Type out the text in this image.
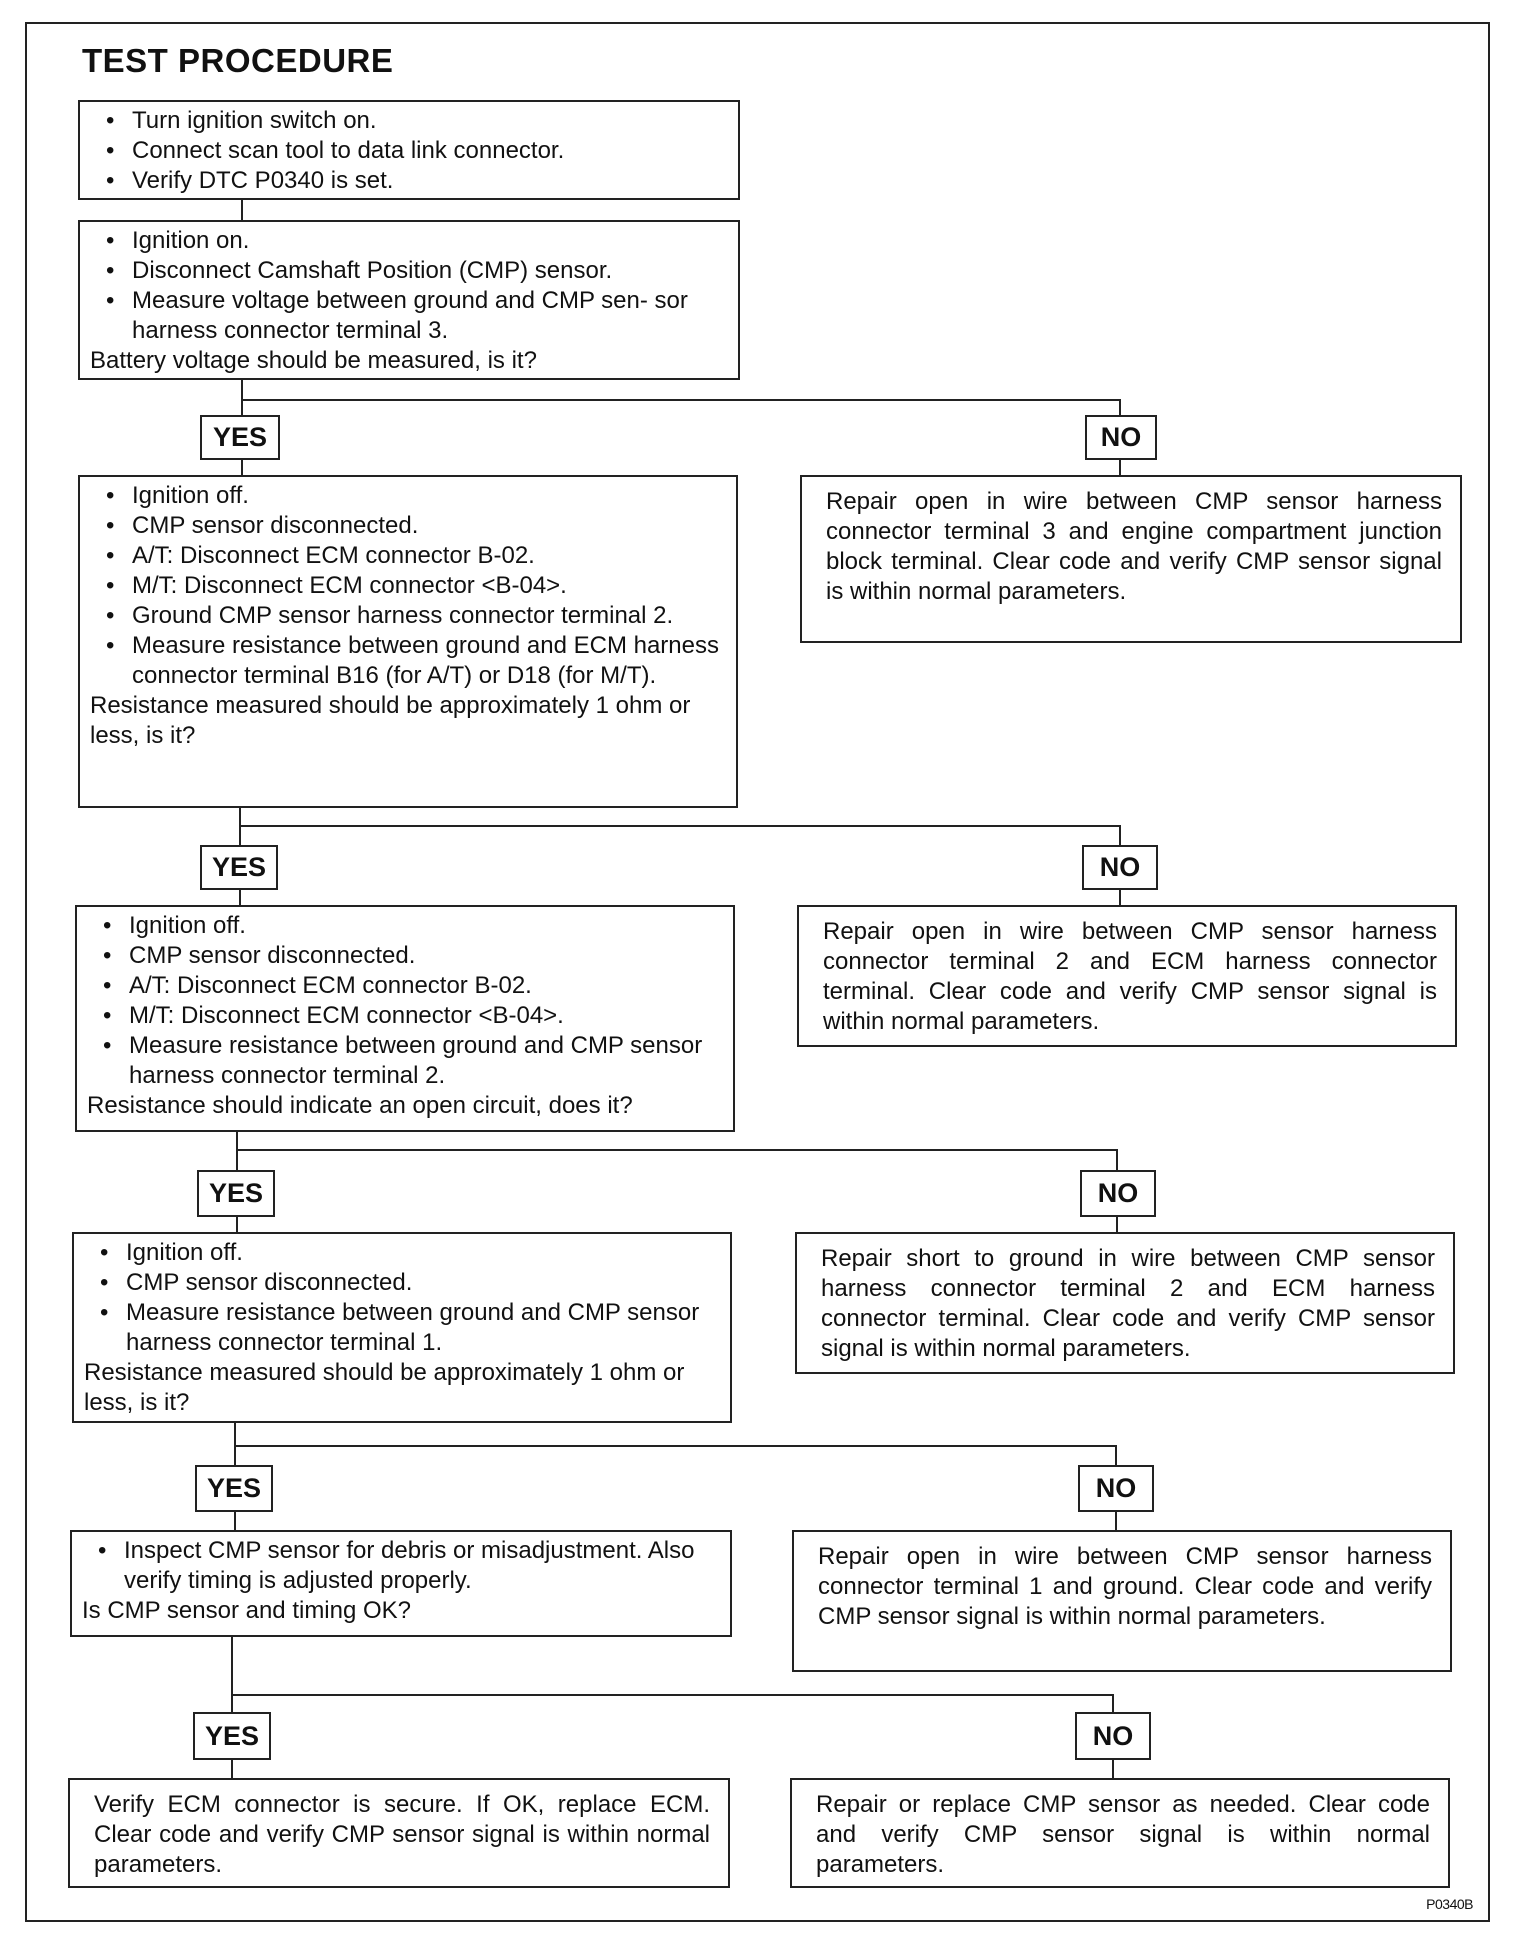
TEST PROCEDURE
• Turn ignition switch on.
• Connect scan tool to data link connector.
• Verify DTC P0340 is set.
• Ignition on.
• Disconnect Camshaft Position (CMP) sensor.
• Measure voltage between ground and CMP sen- sor harness connector terminal 3.

Battery voltage should be measured, is it?

YES	NO
• Ignition off.
• CMP sensor disconnected.
• A/T: Disconnect ECM connector B-02.
• M/T: Disconnect ECM connector <B-04>.
• Ground CMP sensor harness connector terminal 2.
• Measure resistance between ground and ECM harness connector terminal B16 (for A/T) or D18 (for M/T).

Resistance measured should be approximately 1 ohm or less, is it?

Repair open in wire between CMP sensor harness connector terminal 3 and engine compartment junction block terminal. Clear code and verify CMP sensor signal is within normal parameters.

YES	NO
• Ignition off.
• CMP sensor disconnected.
• A/T: Disconnect ECM connector B-02.
• M/T: Disconnect ECM connector <B-04>.
• Measure resistance between ground and CMP sensor harness connector terminal 2.

Resistance should indicate an open circuit, does it?

Repair open in wire between CMP sensor harness connector terminal 2 and ECM harness connector terminal. Clear code and verify CMP sensor signal is within normal parameters.

YES	NO
• Ignition off.
• CMP sensor disconnected.
• Measure resistance between ground and CMP sensor harness connector terminal 1.

Resistance measured should be approximately 1 ohm or less, is it?

Repair short to ground in wire between CMP sensor harness connector terminal 2 and ECM harness connector terminal. Clear code and verify CMP sensor signal is within normal parameters.

YES	NO
• Inspect CMP sensor for debris or misadjustment. Also verify timing is adjusted properly.

Is CMP sensor and timing OK?

Repair open in wire between CMP sensor harness connector terminal 1 and ground. Clear code and verify CMP sensor signal is within normal parameters.

YES	NO

Verify ECM connector is secure. If OK, replace ECM. Clear code and verify CMP sensor signal is within normal parameters.

Repair or replace CMP sensor as needed. Clear code and verify CMP sensor signal is within normal parameters.

P0340B
